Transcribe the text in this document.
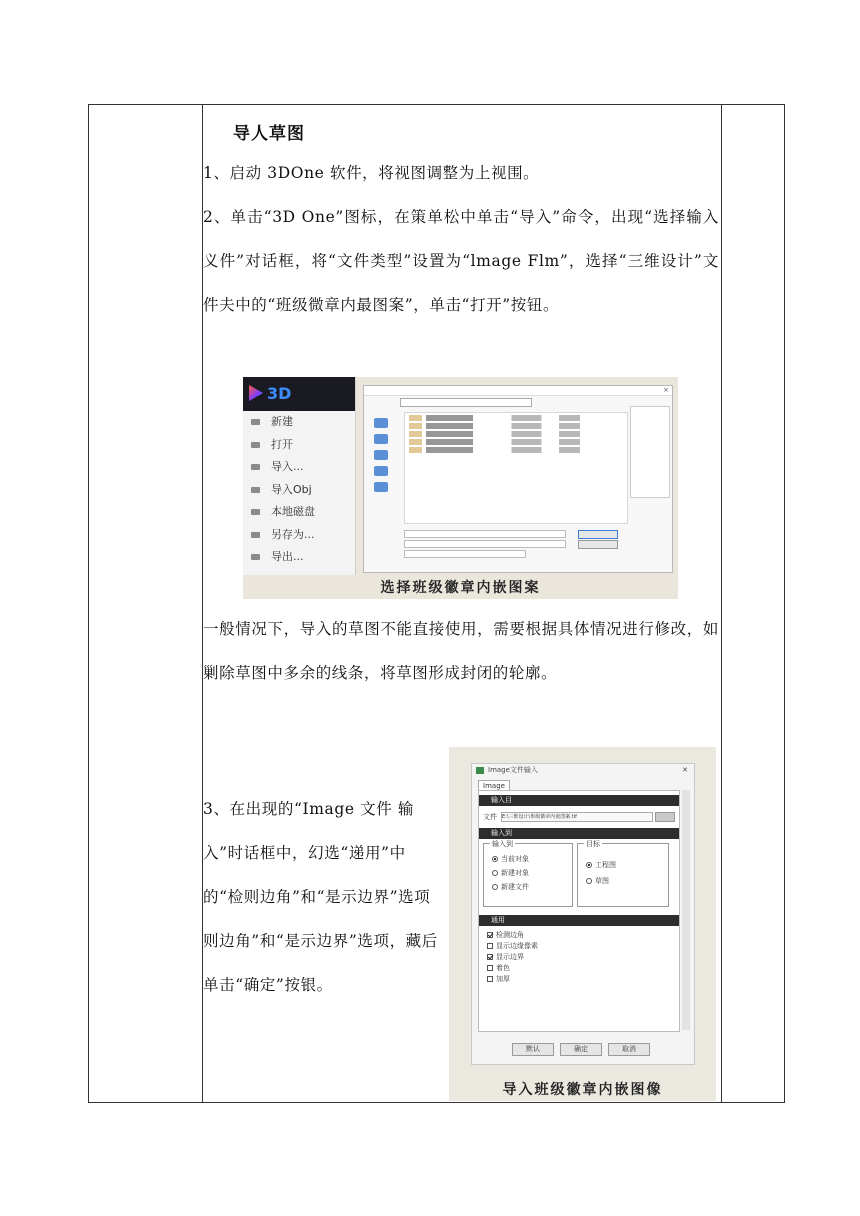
导人草图
1、启动 3DOne 软件，将视图调整为上视围。
2、单击“3D One”图标，在策单松中单击“导入”命令，出现“选择输入义件”对话框，将“文件类型”设置为“lmage Flm”，选择“三维设计”文件夫中的“班级微章内最图案”，单击“打开”按钮。
3D
新建
打开
导入...
导入Obj
本地磁盘
另存为...
导出...
×
选择班级徽章内嵌图案
一般情况下，导入的草图不能直接使用，需要根据具体情况进行修改，如剿除草图中多余的线条，将草图形成封闭的轮廓。
3、在出现的“Image 文件 输入”时话框中，幻选“递用”中的“检则边角”和“是示边界”选项则边角”和“是示边界”选项，藏后单击“确定”按银。
Image文件输入	✕
Image
输入目
文件 E:\三维设计\班级徽章内嵌图案.tif
输入到
输入到
当前对象
新建对象
新建文件
目标
工程图
草图
通用
检测边角
显示边缘像素
显示边界
着色
加厚
默认	确定	取消
导入班级徽章内嵌图像
